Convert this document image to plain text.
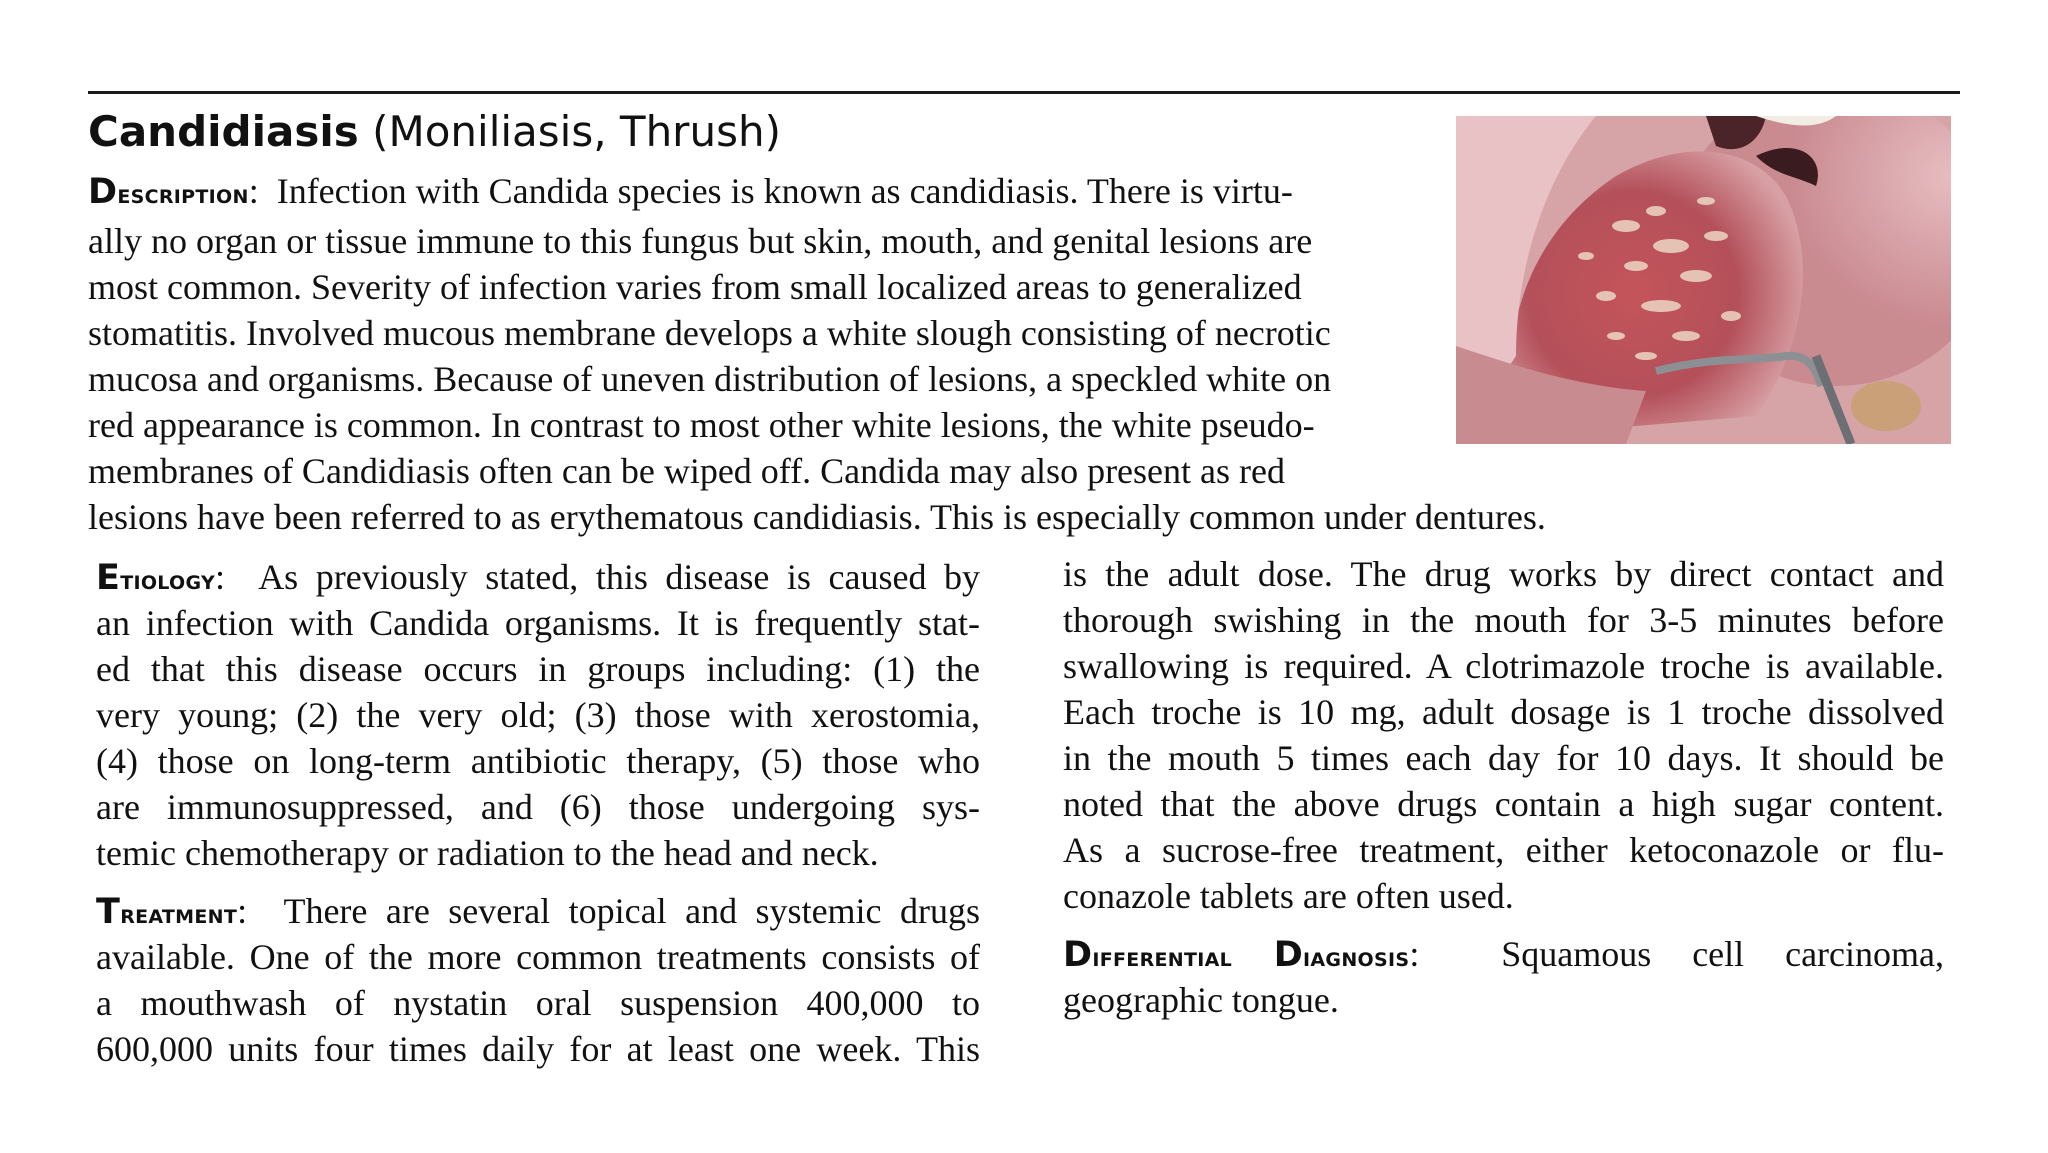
Candidiasis (Moniliasis, Thrush)
Description: Infection with Candida species is known as candidiasis. There is virtu-
ally no organ or tissue immune to this fungus but skin, mouth, and genital lesions are
most common. Severity of infection varies from small localized areas to generalized
stomatitis. Involved mucous membrane develops a white slough consisting of necrotic
mucosa and organisms. Because of uneven distribution of lesions, a speckled white on
red appearance is common. In contrast to most other white lesions, the white pseudo-
membranes of Candidiasis often can be wiped off. Candida may also present as red
lesions have been referred to as erythematous candidiasis. This is especially common under dentures.
Etiology: As previously stated, this disease is caused by
an infection with Candida organisms. It is frequently stat-
ed that this disease occurs in groups including: (1) the
very young; (2) the very old; (3) those with xerostomia,
(4) those on long-term antibiotic therapy, (5) those who
are immunosuppressed, and (6) those undergoing sys-
temic chemotherapy or radiation to the head and neck.
Treatment: There are several topical and systemic drugs
available. One of the more common treatments consists of
a mouthwash of nystatin oral suspension 400,000 to
600,000 units four times daily for at least one week. This
is the adult dose. The drug works by direct contact and
thorough swishing in the mouth for 3-5 minutes before
swallowing is required. A clotrimazole troche is available.
Each troche is 10 mg, adult dosage is 1 troche dissolved
in the mouth 5 times each day for 10 days. It should be
noted that the above drugs contain a high sugar content.
As a sucrose-free treatment, either ketoconazole or flu-
conazole tablets are often used.
Differential Diagnosis: Squamous cell carcinoma,
geographic tongue.
